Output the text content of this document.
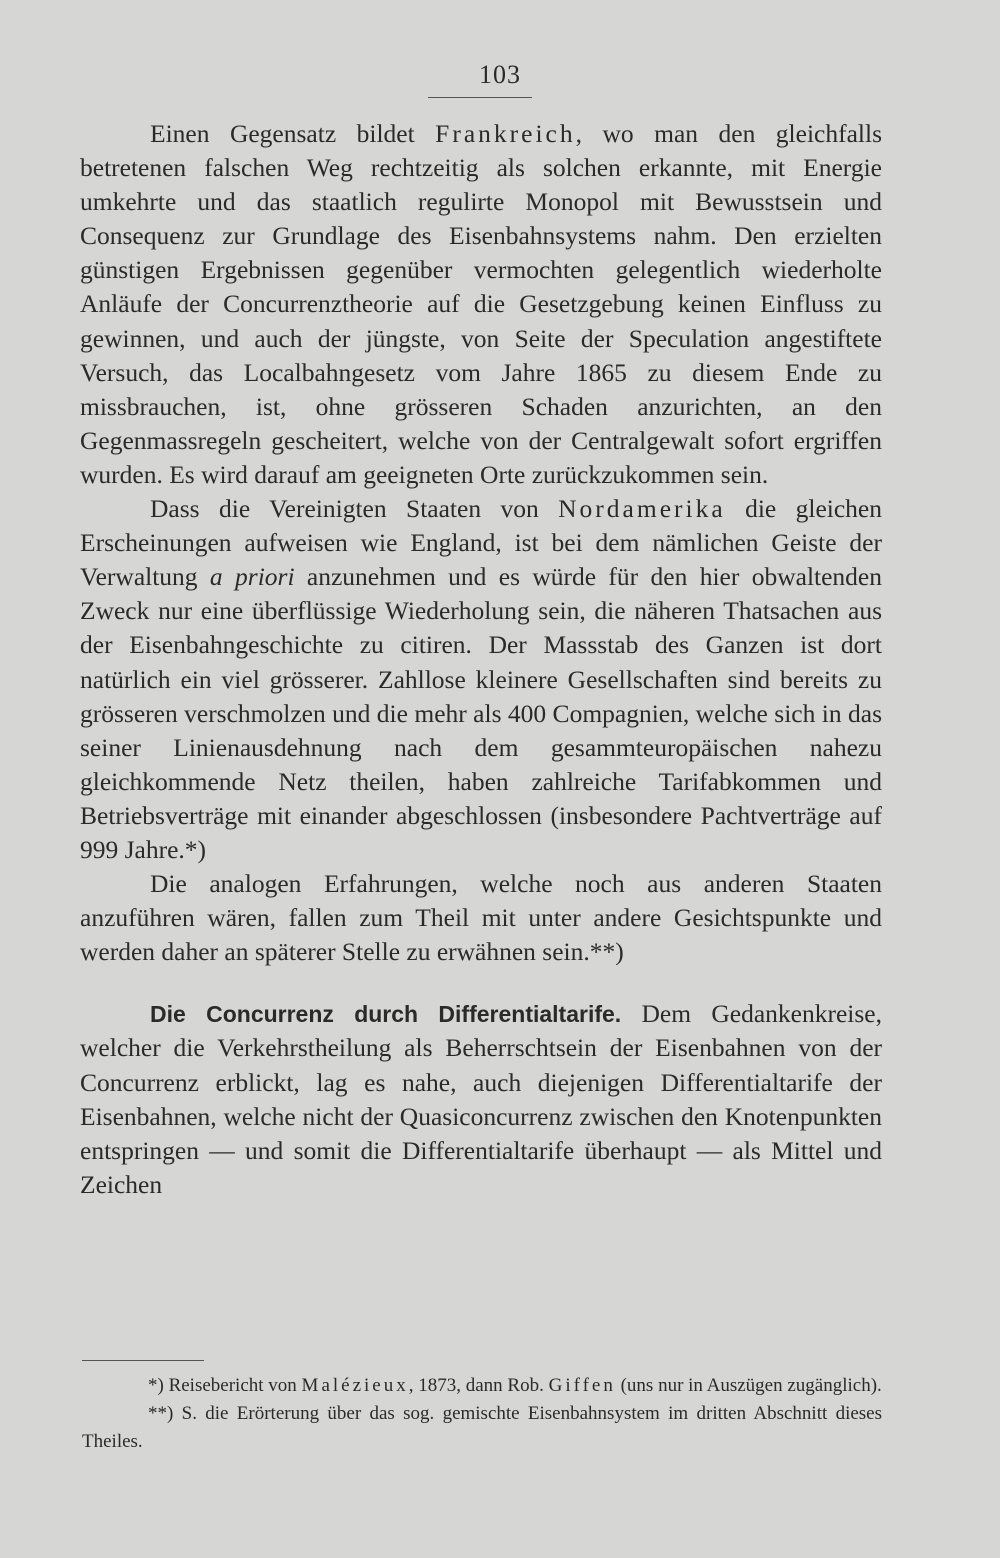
103

Einen Gegensatz bildet Frankreich, wo man den gleichfalls betretenen falschen Weg rechtzeitig als solchen erkannte, mit Energie umkehrte und das staatlich regulirte Monopol mit Bewusstsein und Consequenz zur Grundlage des Eisenbahnsystems nahm. Den erzielten günstigen Ergebnissen gegenüber vermochten gelegentlich wiederholte Anläufe der Concurrenztheorie auf die Gesetzgebung keinen Einfluss zu gewinnen, und auch der jüngste, von Seite der Speculation angestiftete Versuch, das Localbahngesetz vom Jahre 1865 zu diesem Ende zu missbrauchen, ist, ohne grösseren Schaden anzurichten, an den Gegenmassregeln gescheitert, welche von der Centralgewalt sofort ergriffen wurden. Es wird darauf am geeigneten Orte zurückzukommen sein.

Dass die Vereinigten Staaten von Nordamerika die gleichen Erscheinungen aufweisen wie England, ist bei dem nämlichen Geiste der Verwaltung a priori anzunehmen und es würde für den hier obwaltenden Zweck nur eine überflüssige Wiederholung sein, die näheren Thatsachen aus der Eisenbahngeschichte zu citiren. Der Massstab des Ganzen ist dort natürlich ein viel grösserer. Zahllose kleinere Gesellschaften sind bereits zu grösseren verschmolzen und die mehr als 400 Compagnien, welche sich in das seiner Linienausdehnung nach dem gesammteuropäischen nahezu gleichkommende Netz theilen, haben zahlreiche Tarifabkommen und Betriebsverträge mit einander abgeschlossen (insbesondere Pachtverträge auf 999 Jahre.*)

Die analogen Erfahrungen, welche noch aus anderen Staaten anzuführen wären, fallen zum Theil mit unter andere Gesichtspunkte und werden daher an späterer Stelle zu erwähnen sein.**)

Die Concurrenz durch Differentialtarife. Dem Gedankenkreise, welcher die Verkehrstheilung als Beherrschtsein der Eisenbahnen von der Concurrenz erblickt, lag es nahe, auch diejenigen Differentialtarife der Eisenbahnen, welche nicht der Quasiconcurrenz zwischen den Knotenpunkten entspringen — und somit die Differentialtarife überhaupt — als Mittel und Zeichen

*) Reisebericht von Malézieux, 1873, dann Rob. Giffen (uns nur in Auszügen zugänglich).

**) S. die Erörterung über das sog. gemischte Eisenbahnsystem im dritten Abschnitt dieses Theiles.
